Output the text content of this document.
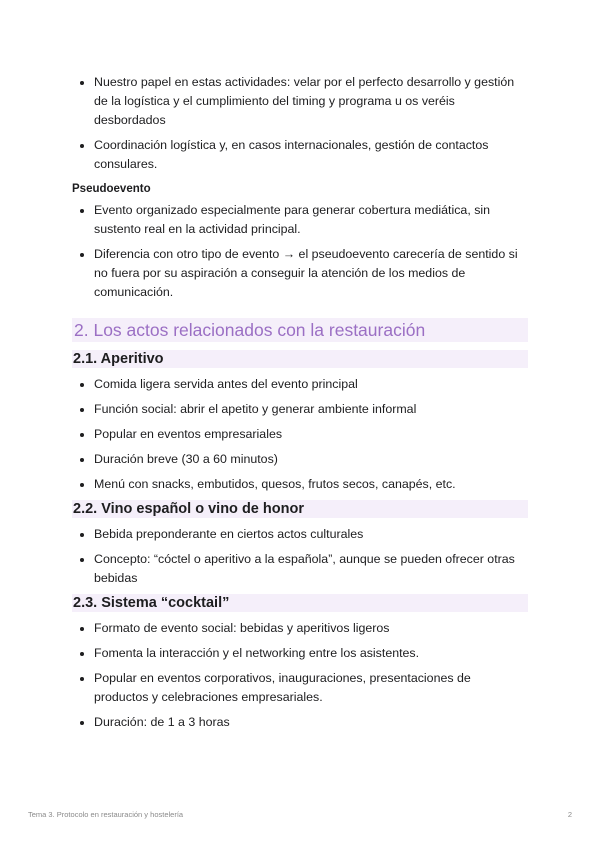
Nuestro papel en estas actividades: velar por el perfecto desarrollo y gestión de la logística y el cumplimiento del timing y programa u os veréis desbordados
Coordinación logística y, en casos internacionales, gestión de contactos consulares.
Pseudoevento
Evento organizado especialmente para generar cobertura mediática, sin sustento real en la actividad principal.
Diferencia con otro tipo de evento → el pseudoevento carecería de sentido si no fuera por su aspiración a conseguir la atención de los medios de comunicación.
2. Los actos relacionados con la restauración
2.1. Aperitivo
Comida ligera servida antes del evento principal
Función social: abrir el apetito y generar ambiente informal
Popular en eventos empresariales
Duración breve (30 a 60 minutos)
Menú con snacks, embutidos, quesos, frutos secos, canapés, etc.
2.2. Vino español o vino de honor
Bebida preponderante en ciertos actos culturales
Concepto: “cóctel o aperitivo a la española”, aunque se pueden ofrecer otras bebidas
2.3. Sistema “cocktail”
Formato de evento social: bebidas y aperitivos ligeros
Fomenta la interacción y el networking entre los asistentes.
Popular en eventos corporativos, inauguraciones, presentaciones de productos y celebraciones empresariales.
Duración: de 1 a 3 horas
Tema 3. Protocolo en restauración y hostelería	2
